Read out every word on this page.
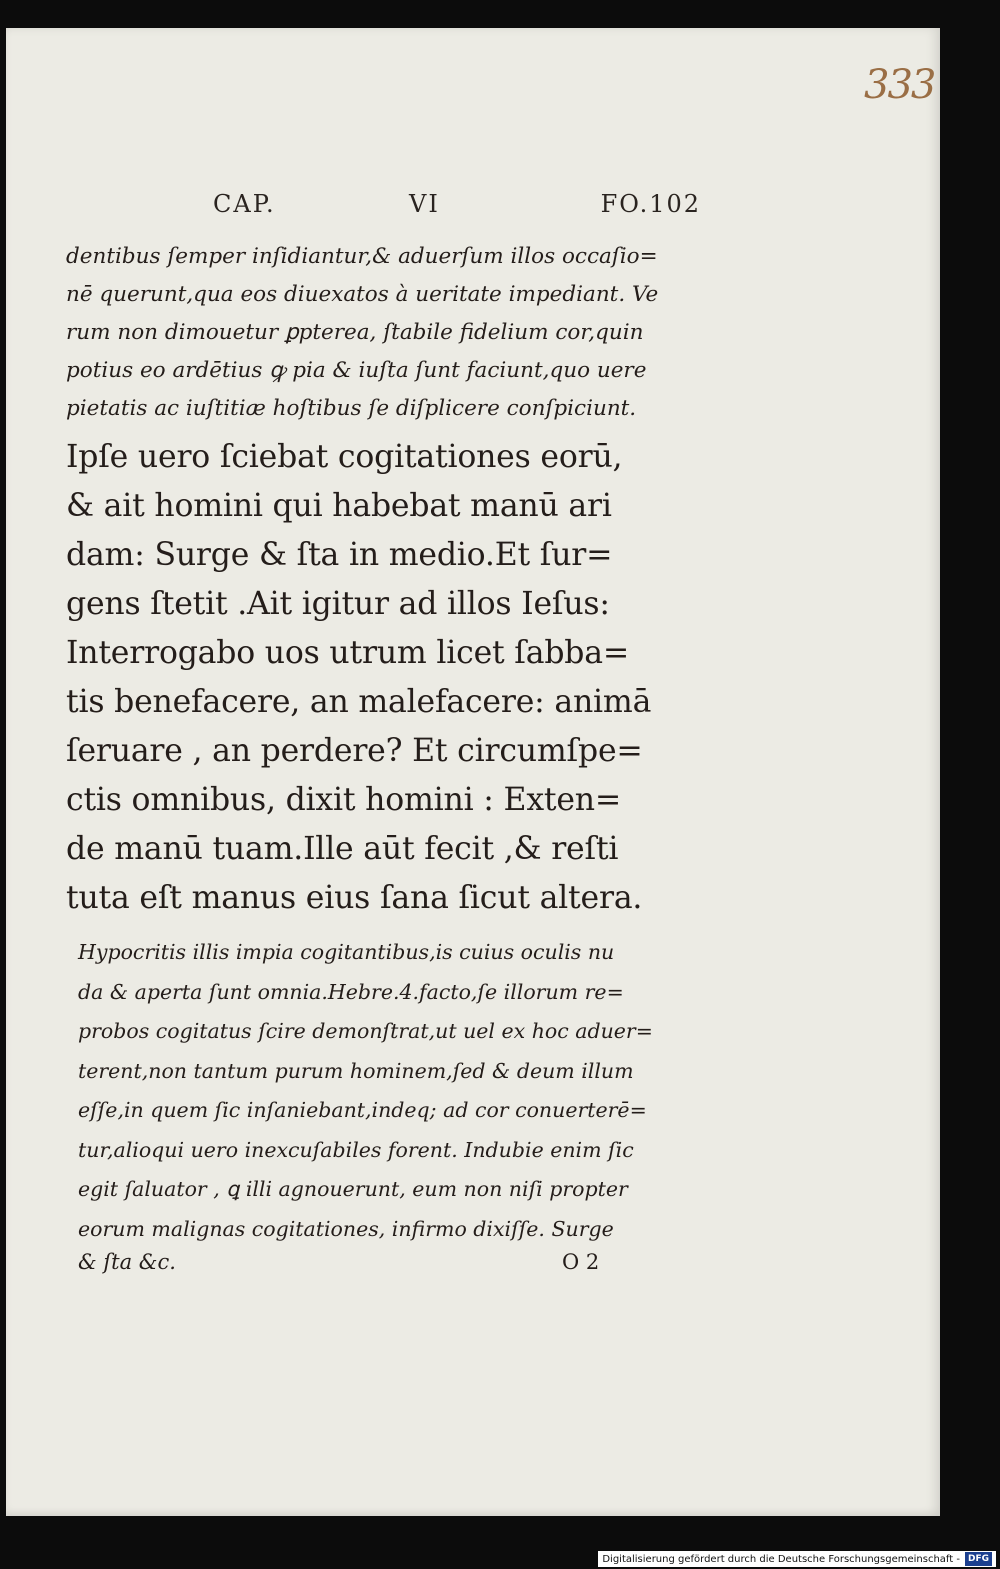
333
CAP.	VI	FO.102
dentibus ſemper inſidiantur,& aduerſum illos occaſio=
nē querunt,qua eos diuexatos à ueritate impediant. Ve
rum non dimouetur ꝑpterea, ſtabile fidelium cor,quin
potius eo ardētius ꝙ pia & iuſta ſunt faciunt,quo uere
pietatis ac iuſtitiæ hoſtibus ſe diſplicere conſpiciunt.
Ipſe uero ſciebat cogitationes eorū,
& ait homini qui habebat manū ari
dam: Surge & ſta in medio.Et ſur=
gens ſtetit .Ait igitur ad illos Ieſus:
Interrogabo uos utrum licet ſabba=
tis benefacere, an malefacere: animā
ſeruare , an perdere? Et circumſpe=
ctis omnibus, dixit homini : Exten=
de manū tuam.Ille aūt fecit ,& reſti
tuta eſt manus eius ſana ſicut altera.
Hypocritis illis impia cogitantibus,is cuius oculis nu
da & aperta ſunt omnia.Hebre.4.facto,ſe illorum re=
probos cogitatus ſcire demonſtrat,ut uel ex hoc aduer=
terent,non tantum purum hominem,ſed & deum illum
eſſe,in quem ſic inſaniebant,indeq; ad cor conuerterē=
tur,alioqui uero inexcuſabiles forent. Indubie enim ſic
egit ſaluator , ꝗ illi agnouerunt, eum non niſi propter
eorum malignas cogitationes, infirmo dixiſſe. Surge
& ſta &c.	O 2
Digitalisierung gefördert durch die Deutsche Forschungsgemeinschaft - DFG
